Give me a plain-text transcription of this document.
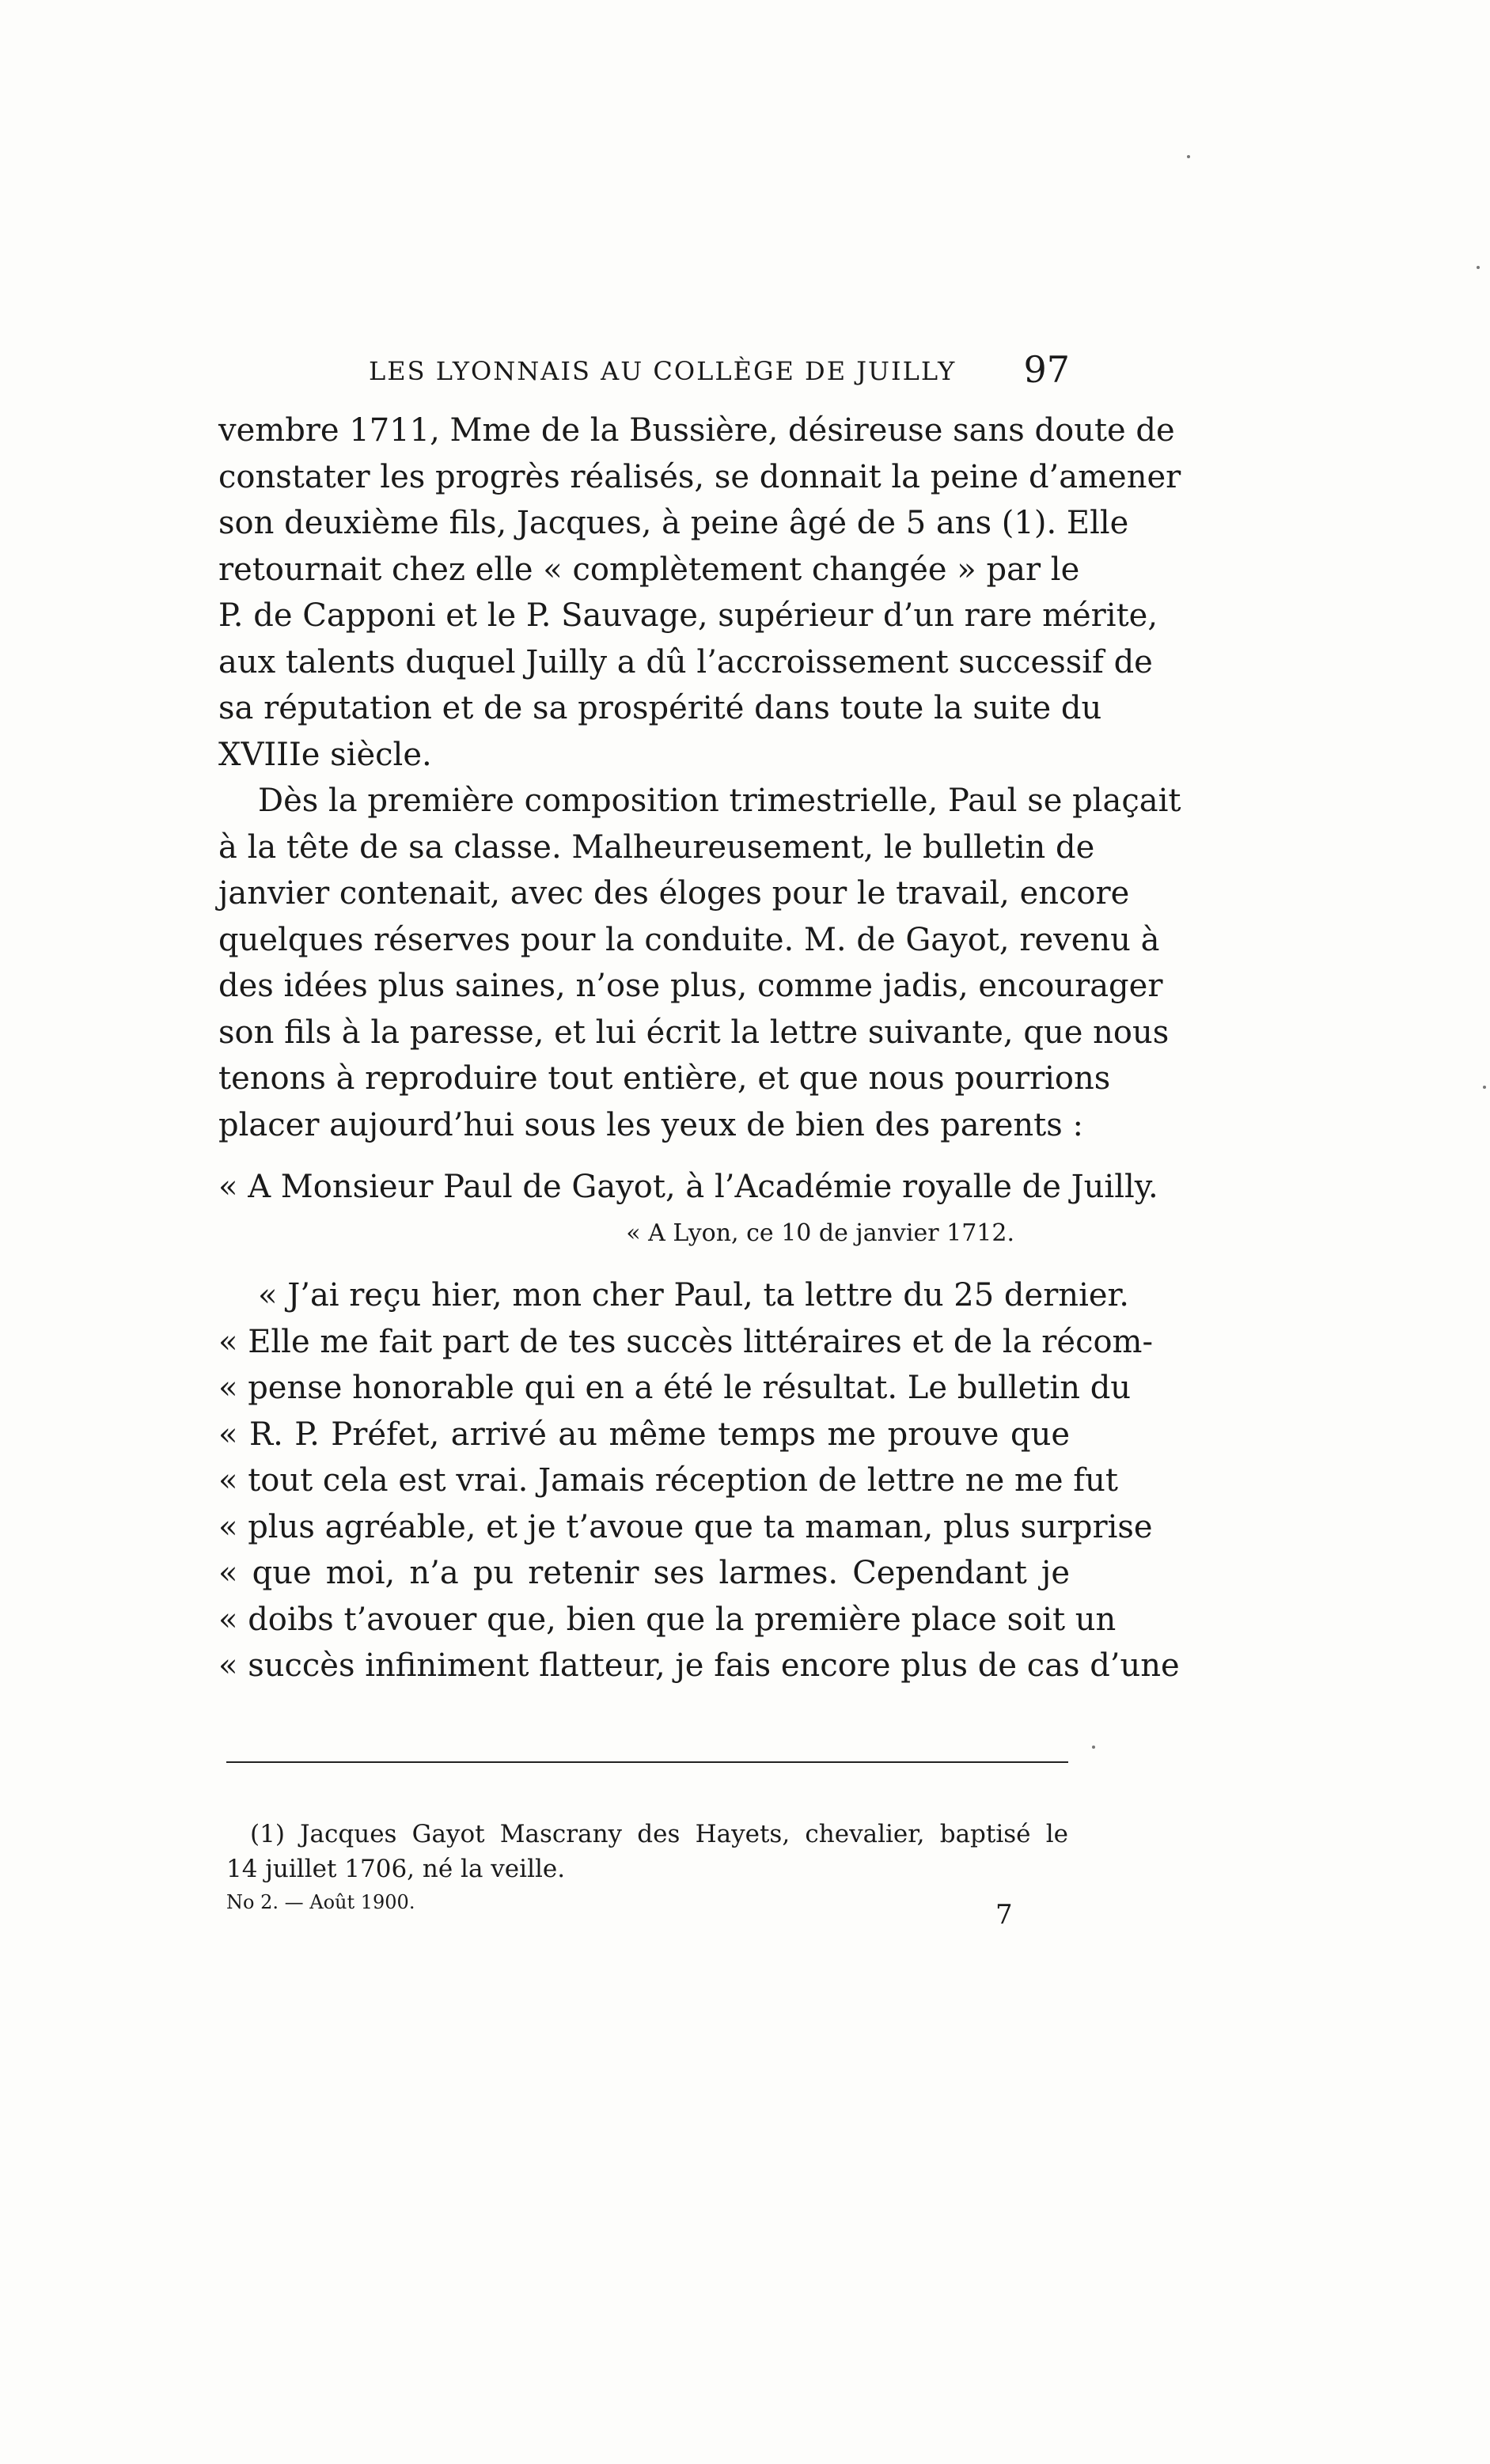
LES LYONNAIS AU COLLÈGE DE JUILLY 97
vembre 1711, Mme de la Bussière, désireuse sans doute de
constater les progrès réalisés, se donnait la peine d’amener
son deuxième fils, Jacques, à peine âgé de 5 ans (1). Elle
retournait chez elle « complètement changée » par le
P. de Capponi et le P. Sauvage, supérieur d’un rare mérite,
aux talents duquel Juilly a dû l’accroissement successif de
sa réputation et de sa prospérité dans toute la suite du
XVIIIe siècle.
Dès la première composition trimestrielle, Paul se plaçait
à la tête de sa classe. Malheureusement, le bulletin de
janvier contenait, avec des éloges pour le travail, encore
quelques réserves pour la conduite. M. de Gayot, revenu à
des idées plus saines, n’ose plus, comme jadis, encourager
son fils à la paresse, et lui écrit la lettre suivante, que nous
tenons à reproduire tout entière, et que nous pourrions
placer aujourd’hui sous les yeux de bien des parents :
« A Monsieur Paul de Gayot, à l’Académie royalle de Juilly.
« A Lyon, ce 10 de janvier 1712.
« J’ai reçu hier, mon cher Paul, ta lettre du 25 dernier.
« Elle me fait part de tes succès littéraires et de la récom-
« pense honorable qui en a été le résultat. Le bulletin du
« R. P. Préfet, arrivé au même temps me prouve que
« tout cela est vrai. Jamais réception de lettre ne me fut
« plus agréable, et je t’avoue que ta maman, plus surprise
« que moi, n’a pu retenir ses larmes. Cependant je
« doibs t’avouer que, bien que la première place soit un
« succès infiniment flatteur, je fais encore plus de cas d’une
(1) Jacques Gayot Mascrany des Hayets, chevalier, baptisé le
14 juillet 1706, né la veille.
No 2. — Août 1900.	7
